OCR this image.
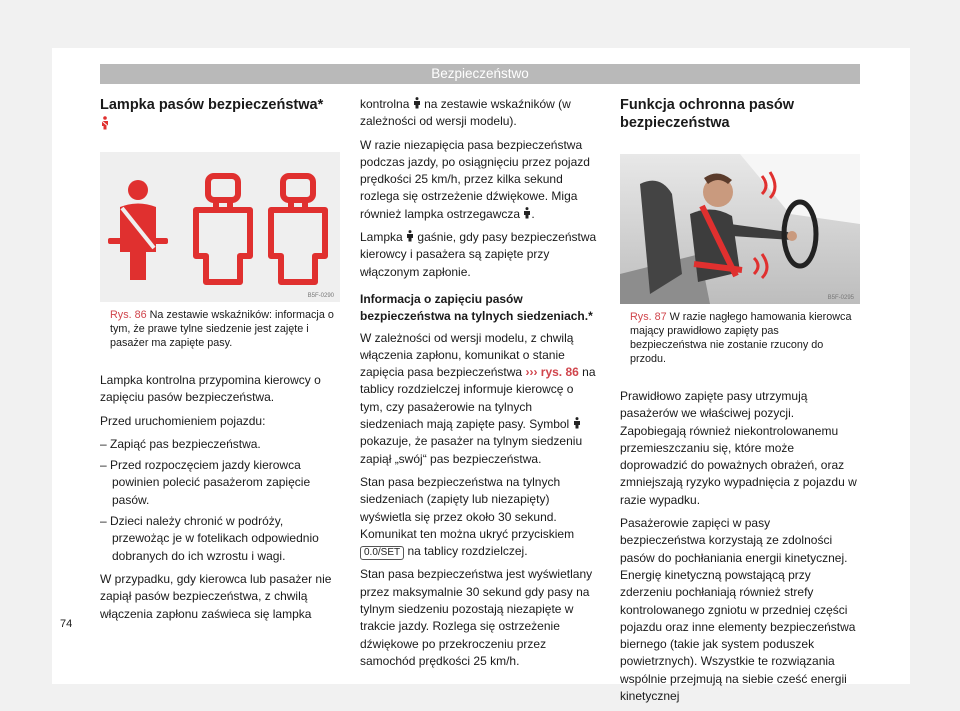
Bezpieczeństwo
Lampka pasów bezpieczeństwa*
B5F-0290
Rys. 86 Na zestawie wskaźników: informacja o tym, że prawe tylne siedzenie jest zajęte i pasażer ma zapięte pasy.

Lampka kontrolna przypomina kierowcy o zapięciu pasów bezpieczeństwa.

Przed uruchomieniem pojazdu:

– Zapiąć pas bezpieczeństwa.
– Przed rozpoczęciem jazdy kierowca powinien polecić pasażerom zapięcie pasów.
– Dzieci należy chronić w podróży, przewożąc je w fotelikach odpowiednio dobranych do ich wzrostu i wagi.

W przypadku, gdy kierowca lub pasażer nie zapiął pasów bezpieczeństwa, z chwilą włączenia zapłonu zaświeca się lampka

kontrolna na zestawie wskaźników (w zależności od wersji modelu).

W razie niezapięcia pasa bezpieczeństwa podczas jazdy, po osiągnięciu przez pojazd prędkości 25 km/h, przez kilka sekund rozlega się ostrzeżenie dźwiękowe. Miga również lampka ostrzegawcza .

Lampka gaśnie, gdy pasy bezpieczeństwa kierowcy i pasażera są zapięte przy włączonym zapłonie.

Informacja o zapięciu pasów bezpieczeństwa na tylnych siedzeniach.*

W zależności od wersji modelu, z chwilą włączenia zapłonu, komunikat o stanie zapięcia pasa bezpieczeństwa ››› rys. 86 na tablicy rozdzielczej informuje kierowcę o tym, czy pasażerowie na tylnych siedzeniach mają zapięte pasy. Symbol  pokazuje, że pasażer na tylnym siedzeniu zapiął „swój“ pas bezpieczeństwa.

Stan pasa bezpieczeństwa na tylnych siedzeniach (zapięty lub niezapięty) wyświetla się przez około 30 sekund. Komunikat ten można ukryć przyciskiem 0.0/SET na tablicy rozdzielczej.

Stan pasa bezpieczeństwa jest wyświetlany przez maksymalnie 30 sekund gdy pasy na tylnym siedzeniu pozostają niezapięte w trakcie jazdy. Rozlega się ostrzeżenie dźwiękowe po przekroczeniu przez samochód prędkości 25 km/h.

Funkcja ochronna pasów bezpieczeństwa
B5F-0295
Rys. 87 W razie nagłego hamowania kierowca mający prawidłowo zapięty pas bezpieczeństwa nie zostanie rzucony do przodu.

Prawidłowo zapięte pasy utrzymują pasażerów we właściwej pozycji. Zapobiegają również niekontrolowanemu przemieszczaniu się, które może doprowadzić do poważnych obrażeń, oraz zmniejszają ryzyko wypadnięcia z pojazdu w razie wypadku.

Pasażerowie zapięci w pasy bezpieczeństwa korzystają ze zdolności pasów do pochłaniania energii kinetycznej. Energię kinetyczną powstającą przy zderzeniu pochłaniają również strefy kontrolowanego zgniotu w przedniej części pojazdu oraz inne elementy bezpieczeństwa biernego (takie jak system poduszek powietrznych). Wszystkie te rozwiązania wspólnie przejmują na siebie cześć energii kinetycznej

74
